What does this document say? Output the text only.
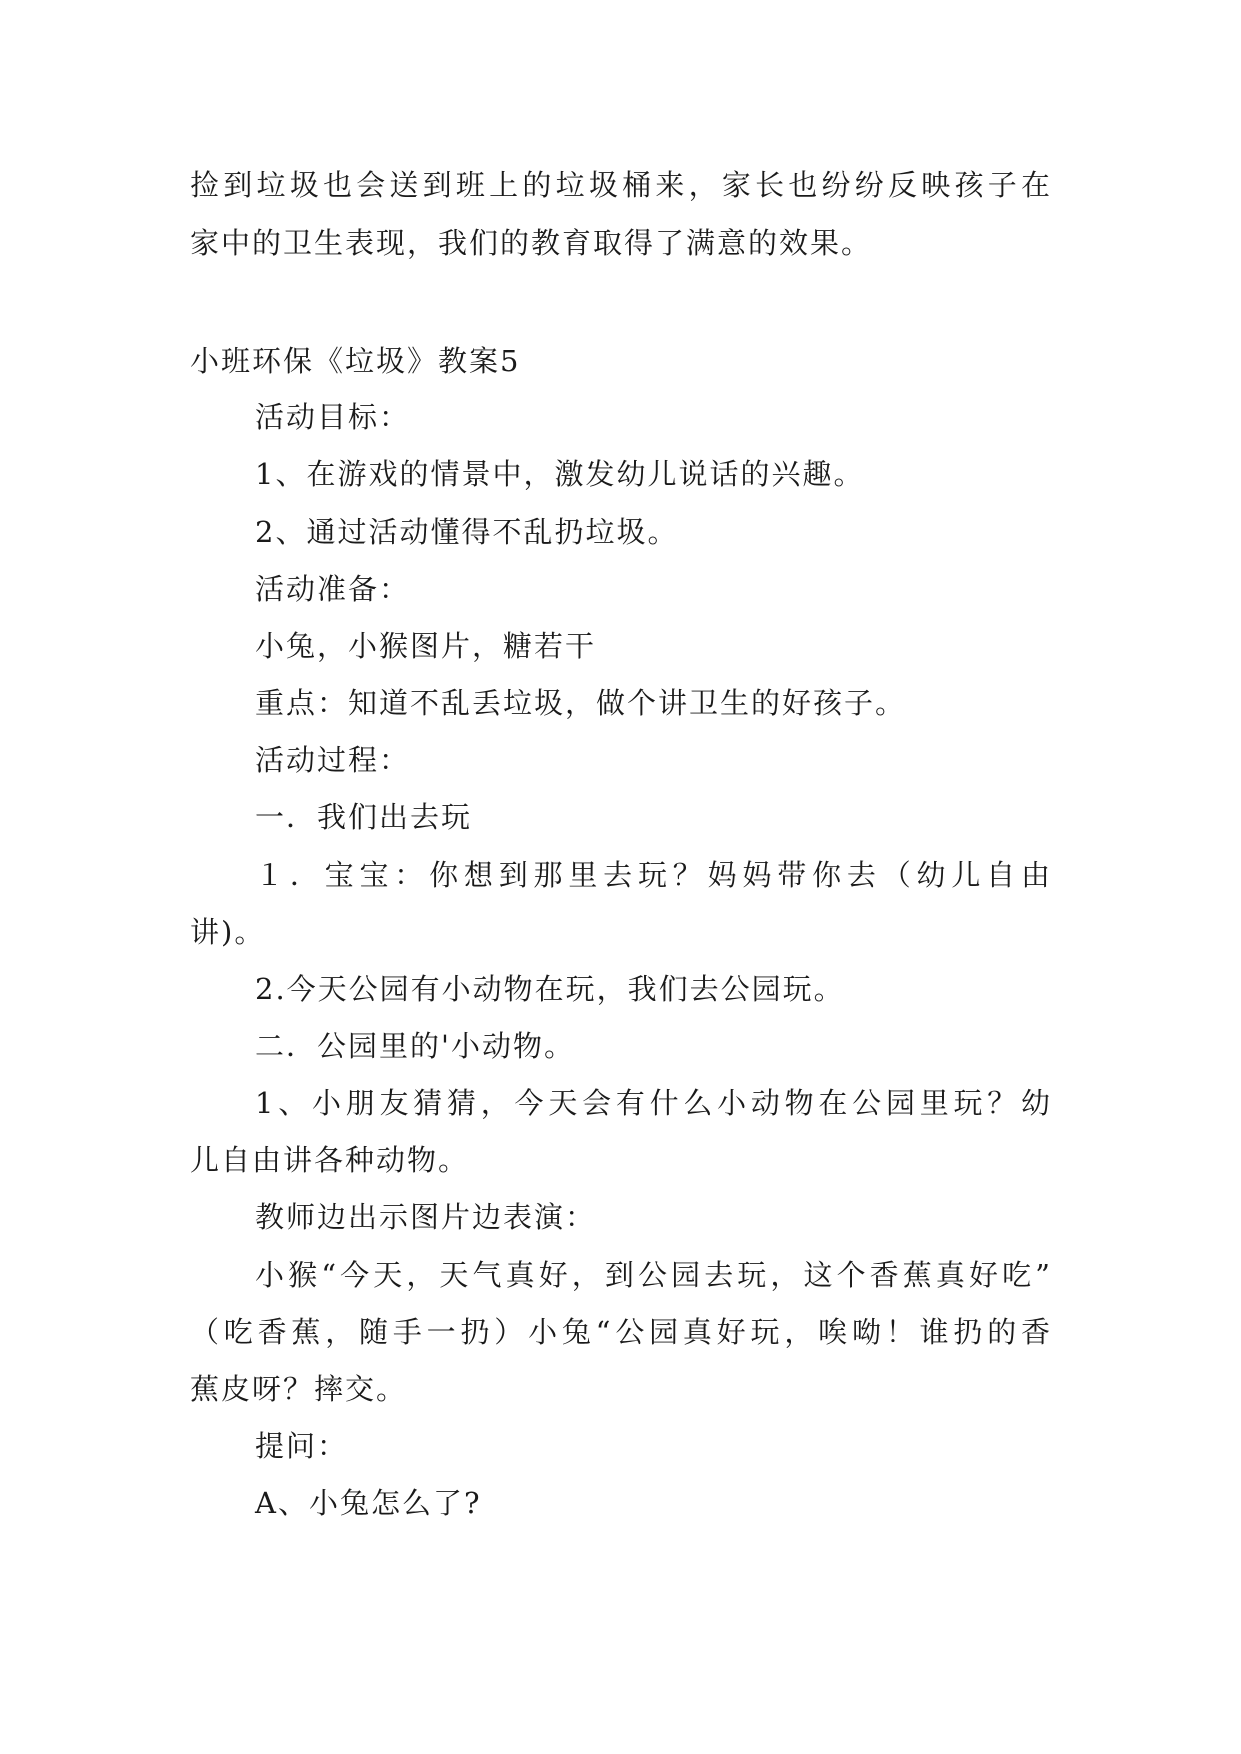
捡到垃圾也会送到班上的垃圾桶来，家长也纷纷反映孩子在
家中的卫生表现，我们的教育取得了满意的效果。
小班环保《垃圾》教案5
活动目标：
1、在游戏的情景中，激发幼儿说话的兴趣。
2、通过活动懂得不乱扔垃圾。
活动准备：
小兔，小猴图片，糖若干
重点：知道不乱丢垃圾，做个讲卫生的好孩子。
活动过程：
一．我们出去玩
１．宝宝：你想到那里去玩？妈妈带你去（幼儿自由
讲)。
2.今天公园有小动物在玩，我们去公园玩。
二．公园里的'小动物。
1、小朋友猜猜，今天会有什么小动物在公园里玩？幼
儿自由讲各种动物。
教师边出示图片边表演：
小猴“今天，天气真好，到公园去玩，这个香蕉真好吃”
（吃香蕉，随手一扔）小兔“公园真好玩，唉呦！谁扔的香
蕉皮呀？摔交。
提问：
A、小兔怎么了?
